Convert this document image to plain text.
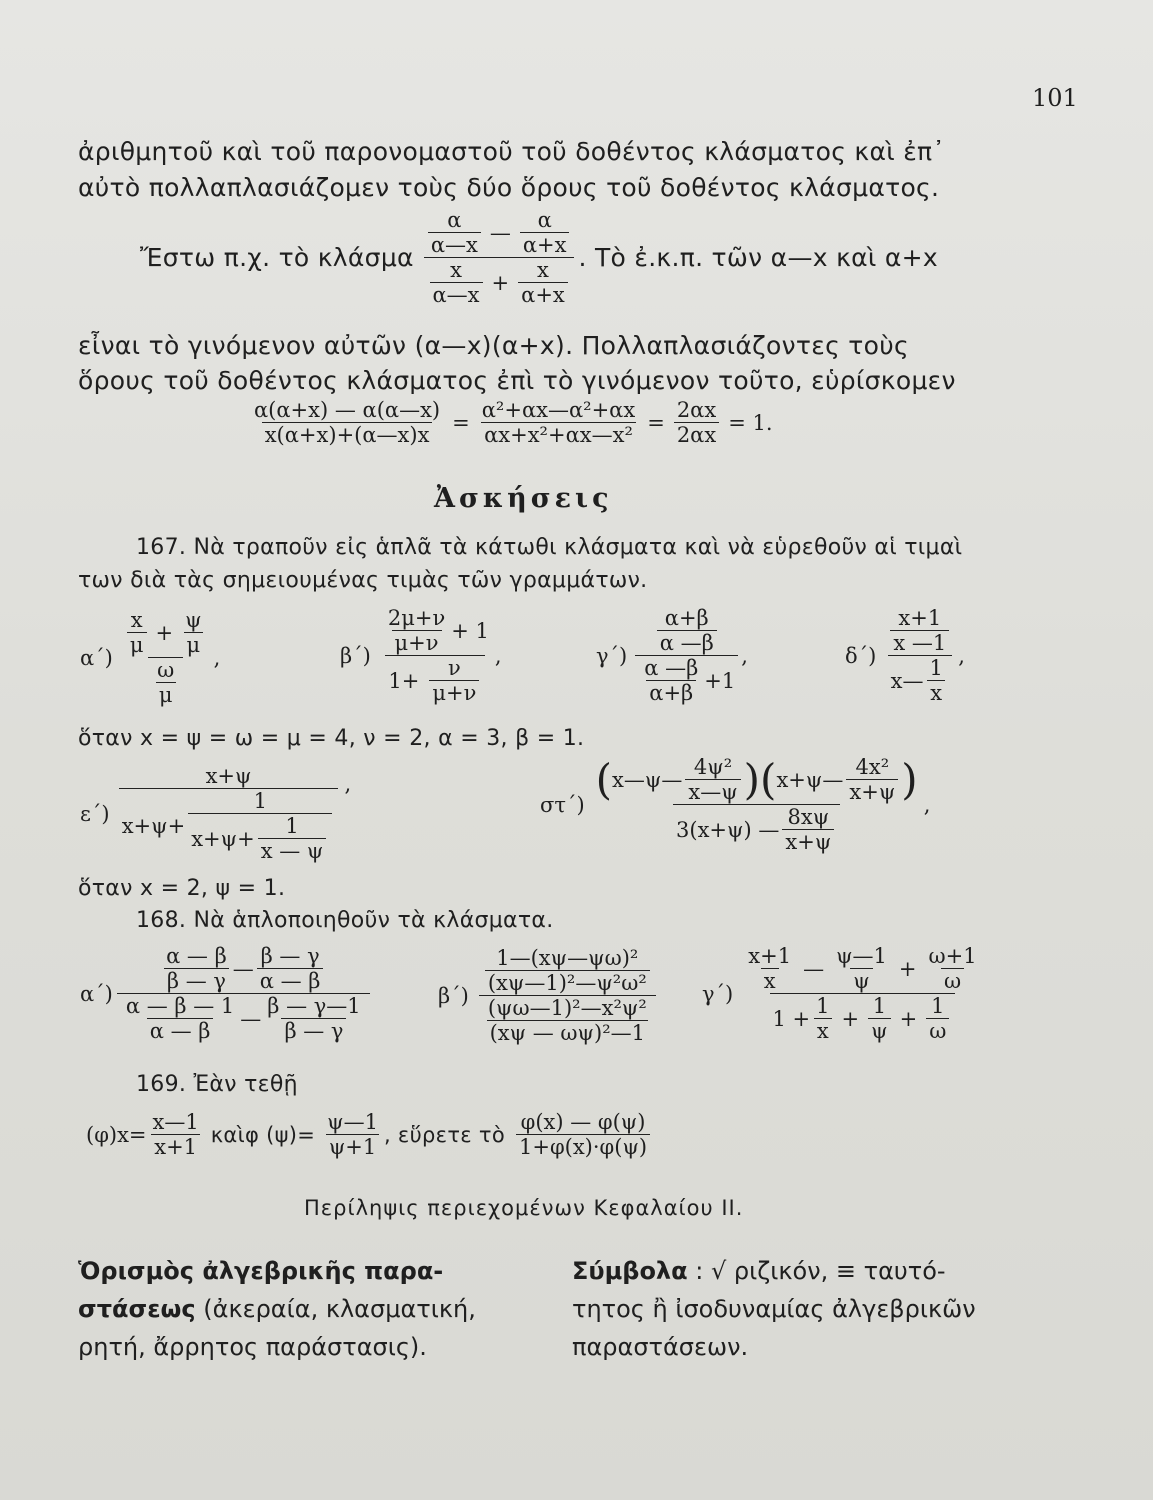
101
ἀριθμητοῦ καὶ τοῦ παρονομαστοῦ τοῦ δοθέντος κλάσματος καὶ ἐπ᾽
αὐτὸ πολλαπλασιάζομεν τοὺς δύο ὅρους τοῦ δοθέντος κλάσματος.
Ἔστω π.χ. τὸ κλάσμα $\frac{\frac{\alpha}{\alpha—x} — \frac{\alpha}{\alpha+x}}{\frac{x}{\alpha—x} + \frac{x}{\alpha+x}}$ . Τὸ ἐ.κ.π. τῶν α—x καὶ α+x
εἶναι τὸ γινόμενον αὐτῶν (α—x)(α+x). Πολλαπλασιάζοντες τοὺς
ὅρους τοῦ δοθέντος κλάσματος ἐπὶ τὸ γινόμενον τοῦτο, εὑρίσκομεν
$\frac{\alpha(\alpha+x) — \alpha(\alpha—x)}{x(\alpha+x)+(\alpha—x)x} = \frac{\text{α²+αx—α²+αx}}{\text{αx+x²+αx—x²}} = \frac{2\alpha x}{2\alpha x} = 1$.
Ἀσκήσεις
167. Νὰ τραποῦν εἰς ἁπλᾶ τὰ κάτωθι κλάσματα καὶ νὰ εὑρεθοῦν αἱ τιμαὶ
των διὰ τὰς σημειουμένας τιμὰς τῶν γραμμάτων.
$\alpha΄) \frac{\frac{x}{\mu} + \frac{\psi}{\mu}}{\frac{\omega}{\mu}}$ ,	$\beta΄) \frac{\frac{2\mu+\nu}{\mu+\nu} + 1}{1+ \frac{\nu}{\mu+\nu}}$ ,	$\gamma΄) \frac{\frac{\alpha+\beta}{\alpha —\beta}}{\frac{\alpha —\beta}{\alpha+\beta} +1}$ ,	$\delta΄) \frac{\frac{x+1}{x —1}}{x— \frac{1}{x}}$ ,
ὅταν x = ψ = ω = μ = 4, ν = 2, α = 3, β = 1.
ε΄)
x+ψ
$x+\psi+ \frac{1}{x+\psi+ \frac{1}{x — \psi}}$
,
στ΄)
( x—ψ— $\frac{\text{4ψ²}}{x—\psi}$ )( x+ψ— $\frac{\text{4x²}}{x+\psi}$ )
3(x+ψ) — $\frac{8x\psi}{x+\psi}$
,
ὅταν x = 2, ψ = 1.
168. Νὰ ἁπλοποιηθοῦν τὰ κλάσματα.
$\alpha΄) \frac{\frac{\alpha — \beta}{\beta — \gamma} — \frac{\beta — \gamma}{\alpha — \beta}}{\frac{\alpha — \beta — 1}{\alpha — \beta} — \frac{\beta — \gamma—1}{\beta — \gamma}}$	$\beta΄) \frac{\frac{\text{1—(xψ—ψω)²}}{\text{(xψ—1)²—ψ²ω²}}}{\frac{\text{(ψω—1)²—x²ψ²}}{\text{(xψ — ωψ)²—1}}} \gamma΄) \frac{\frac{x+1}{x} — \frac{\psi—1}{\psi} + \frac{\omega+1}{\omega}}{1 + \frac{1}{x} + \frac{1}{\psi} + \frac{1}{\omega}}$
169. Ἐὰν τεθῇ
$(\varphi)x= \frac{x—1}{x+1}$ καὶφ $(\psi)= \frac{\psi—1}{\psi+1}$ , εὕρετε τὸ $\frac{\varphi(x) — \varphi(\psi)}{1+\varphi(x)\cdot\varphi(\psi)}$
Περίληψις περιεχομένων Κεφαλαίου II.
Ὁρισμὸς ἀλγεβρικῆς παρα-
στάσεως (ἀκεραία, κλασματική,
ρητή, ἄρρητος παράστασις).
Σύμβολα : √ ριζικόν, ≡ ταυτό-
τητος ἢ ἰσοδυναμίας ἀλγεβρικῶν
παραστάσεων.
